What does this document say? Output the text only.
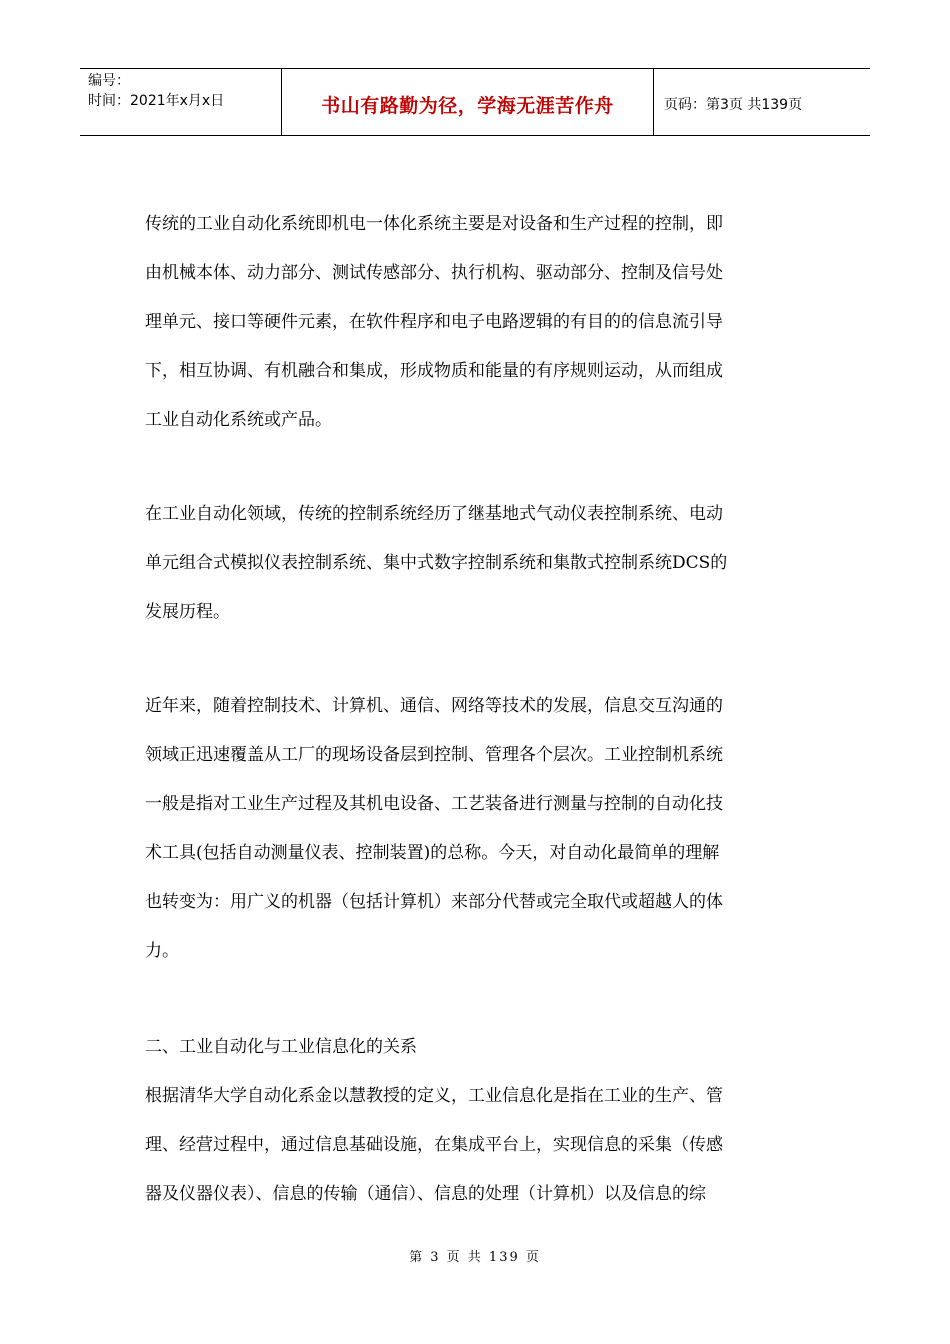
编号：
时间：2021年x月x日	书山有路勤为径，学海无涯苦作舟	页码：第3页 共139页

传统的工业自动化系统即机电一体化系统主要是对设备和生产过程的控制，即
由机械本体、动力部分、测试传感部分、执行机构、驱动部分、控制及信号处
理单元、接口等硬件元素，在软件程序和电子电路逻辑的有目的的信息流引导
下，相互协调、有机融合和集成，形成物质和能量的有序规则运动，从而组成
工业自动化系统或产品。

在工业自动化领域，传统的控制系统经历了继基地式气动仪表控制系统、电动
单元组合式模拟仪表控制系统、集中式数字控制系统和集散式控制系统DCS的
发展历程。

近年来，随着控制技术、计算机、通信、网络等技术的发展，信息交互沟通的
领域正迅速覆盖从工厂的现场设备层到控制、管理各个层次。工业控制机系统
一般是指对工业生产过程及其机电设备、工艺装备进行测量与控制的自动化技
术工具(包括自动测量仪表、控制装置)的总称。今天，对自动化最简单的理解
也转变为：用广义的机器（包括计算机）来部分代替或完全取代或超越人的体
力。

二、工业自动化与工业信息化的关系
根据清华大学自动化系金以慧教授的定义，工业信息化是指在工业的生产、管
理、经营过程中，通过信息基础设施，在集成平台上，实现信息的采集（传感
器及仪器仪表）、信息的传输（通信）、信息的处理（计算机）以及信息的综

第 3 页 共 139 页
